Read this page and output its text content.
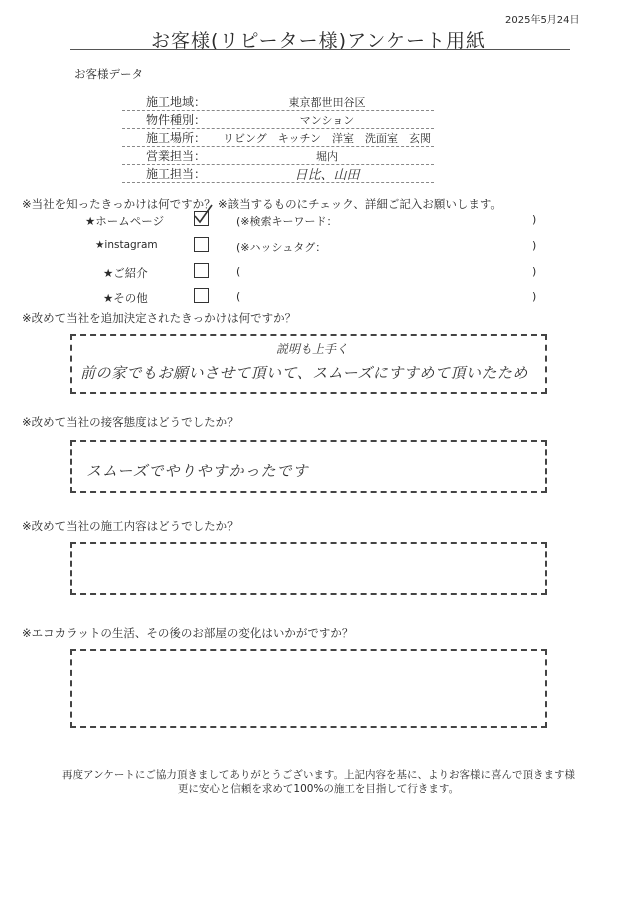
2025年5月24日
お客様(リピーター様)アンケート用紙
お客様データ
施工地域：	東京都世田谷区
物件種別：	マンション
施工場所： リビング　キッチン　洋室　洗面室　玄関
営業担当：	堀内
施工担当：	日比、山田
※当社を知ったきっかけは何ですか？ ※該当するものにチェック、詳細ご記入お願いします。
★ホームページ	(※検索キーワード：	)
★instagram	(※ハッシュタグ：	)
★ご紹介	(	)
★その他	(	)
※改めて当社を追加決定されたきっかけは何ですか？
説明も上手く
前の家でもお願いさせて頂いて、スムーズにすすめて頂いたため
※改めて当社の接客態度はどうでしたか？
スムーズでやりやすかったです
※改めて当社の施工内容はどうでしたか？
※エコカラットの生活、その後のお部屋の変化はいかがですか？
再度アンケートにご協力頂きましてありがとうございます。上記内容を基に、よりお客様に喜んで頂きます様
更に安心と信頼を求めて100%の施工を目指して行きます。
